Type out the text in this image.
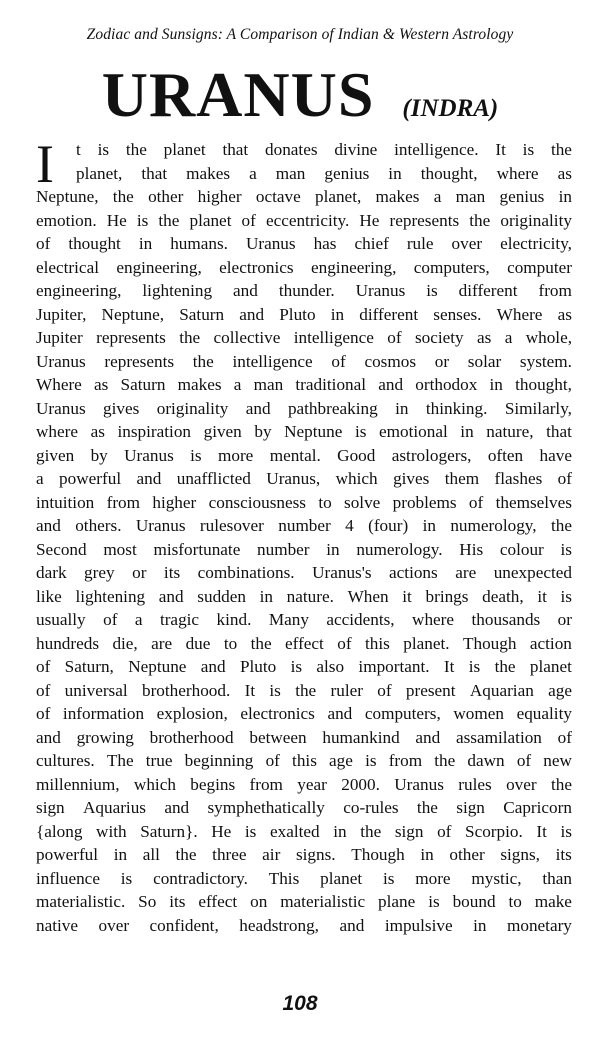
Zodiac and Sunsigns: A Comparison of Indian & Western Astrology
URANUS (INDRA)
I t is the planet that donates divine intelligence. It is the
planet, that makes a man genius in thought, where as
Neptune, the other higher octave planet, makes a man genius in
emotion. He is the planet of eccentricity. He represents the originality
of thought in humans. Uranus has chief rule over electricity,
electrical engineering, electronics engineering, computers, computer
engineering, lightening and thunder. Uranus is different from
Jupiter, Neptune, Saturn and Pluto in different senses. Where as
Jupiter represents the collective intelligence of society as a whole,
Uranus represents the intelligence of cosmos or solar system.
Where as Saturn makes a man traditional and orthodox in thought,
Uranus gives originality and pathbreaking in thinking. Similarly,
where as inspiration given by Neptune is emotional in nature, that
given by Uranus is more mental. Good astrologers, often have
a powerful and unafflicted Uranus, which gives them flashes of
intuition from higher consciousness to solve problems of themselves
and others. Uranus rulesover number 4 (four) in numerology, the
Second most misfortunate number in numerology. His colour is
dark grey or its combinations. Uranus's actions are unexpected
like lightening and sudden in nature. When it brings death, it is
usually of a tragic kind. Many accidents, where thousands or
hundreds die, are due to the effect of this planet. Though action
of Saturn, Neptune and Pluto is also important. It is the planet
of universal brotherhood. It is the ruler of present Aquarian age
of information explosion, electronics and computers, women equality
and growing brotherhood between humankind and assamilation of
cultures. The true beginning of this age is from the dawn of new
millennium, which begins from year 2000. Uranus rules over the
sign Aquarius and symphethatically co-rules the sign Capricorn
{along with Saturn}. He is exalted in the sign of Scorpio. It is
powerful in all the three air signs. Though in other signs, its
influence is contradictory. This planet is more mystic, than
materialistic. So its effect on materialistic plane is bound to make
native over confident, headstrong, and impulsive in monetary
108
